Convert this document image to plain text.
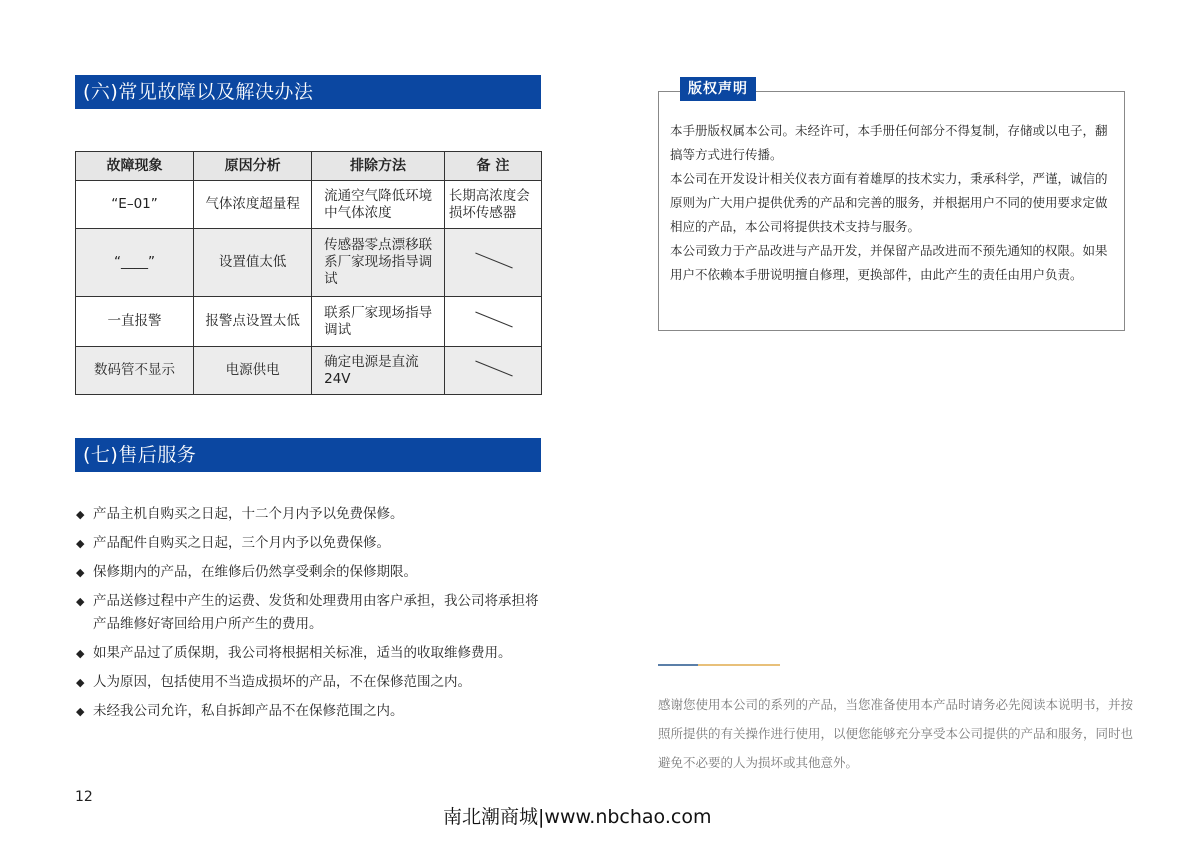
(六)常见故障以及解决办法
故障现象	原因分析	排除方法	备 注
“E–01”	气体浓度超量程	流通空气降低环境中气体浓度	长期高浓度会损坏传感器
“____”	设置值太低	传感器零点漂移联系厂家现场指导调试	
一直报警	报警点设置太低	联系厂家现场指导调试	
数码管不显示	电源供电	确定电源是直流24V	
(七)售后服务
◆ 产品主机自购买之日起，十二个月内予以免费保修。
◆ 产品配件自购买之日起，三个月内予以免费保修。
◆ 保修期内的产品，在维修后仍然享受剩余的保修期限。
◆ 产品送修过程中产生的运费、发货和处理费用由客户承担，我公司将承担将产品维修好寄回给用户所产生的费用。
◆ 如果产品过了质保期，我公司将根据相关标准，适当的收取维修费用。
◆ 人为原因，包括使用不当造成损坏的产品，不在保修范围之内。
◆ 未经我公司允许，私自拆卸产品不在保修范围之内。
12
版权声明

本手册版权属本公司。未经许可，本手册任何部分不得复制，存储或以电子，翻搞等方式进行传播。

本公司在开发设计相关仪表方面有着雄厚的技术实力，秉承科学，严谨，诚信的原则为广大用户提供优秀的产品和完善的服务，并根据用户不同的使用要求定做相应的产品，本公司将提供技术支持与服务。

本公司致力于产品改进与产品开发，并保留产品改进而不预先通知的权限。如果用户不依赖本手册说明擅自修理，更换部件，由此产生的责任由用户负责。

感谢您使用本公司的系列的产品，当您准备使用本产品时请务必先阅读本说明书，并按照所提供的有关操作进行使用，以便您能够充分享受本公司提供的产品和服务，同时也避免不必要的人为损坏或其他意外。
南北潮商城|www.nbchao.com
